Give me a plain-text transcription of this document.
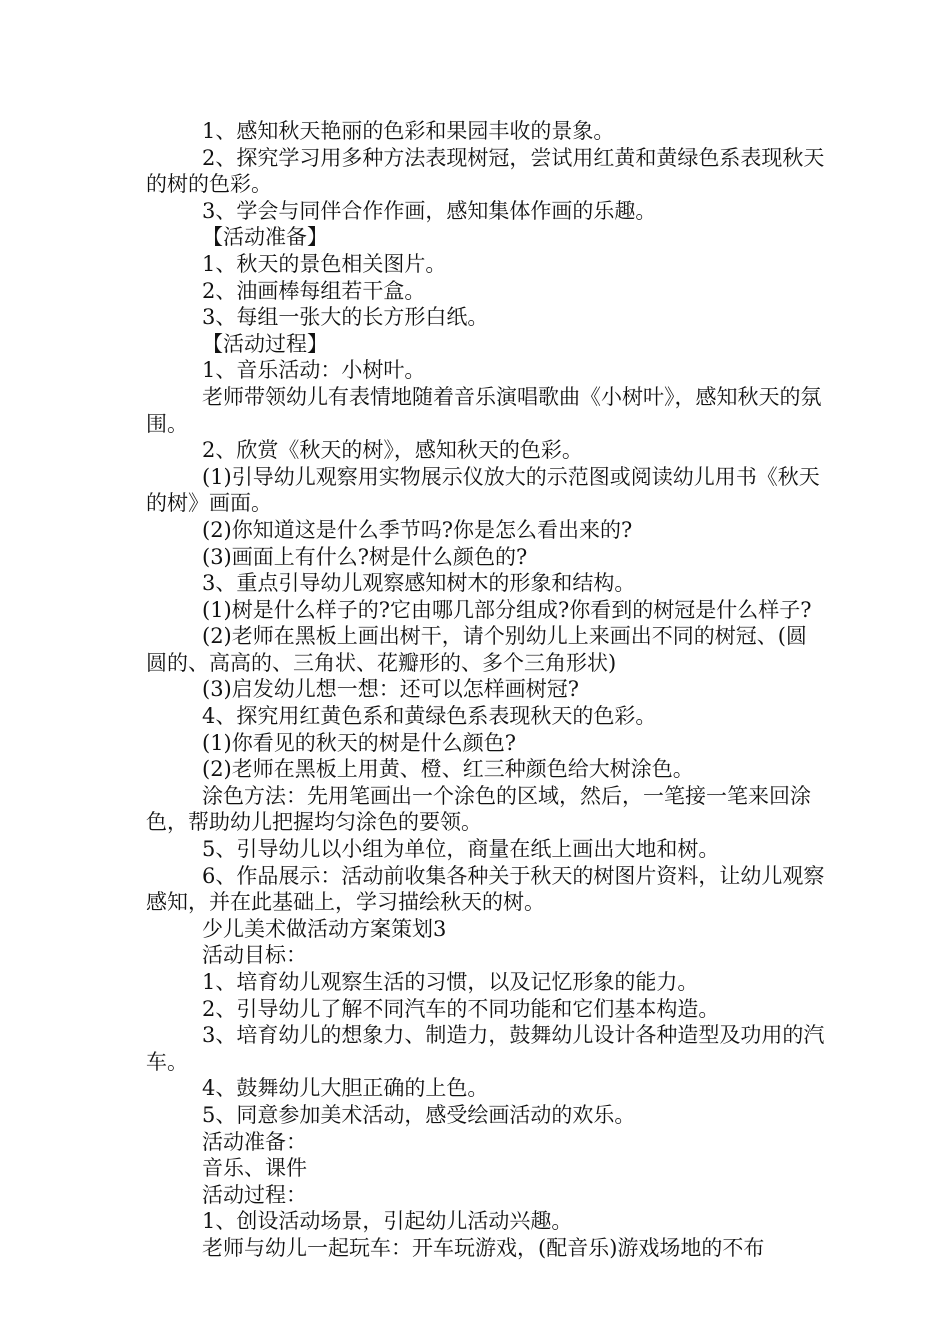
1、感知秋天艳丽的色彩和果园丰收的景象。

2、探究学习用多种方法表现树冠，尝试用红黄和黄绿色系表现秋天的树的色彩。

3、学会与同伴合作作画，感知集体作画的乐趣。

【活动准备】

1、秋天的景色相关图片。

2、油画棒每组若干盒。

3、每组一张大的长方形白纸。

【活动过程】

1、音乐活动：小树叶。

老师带领幼儿有表情地随着音乐演唱歌曲《小树叶》，感知秋天的氛围。

2、欣赏《秋天的树》，感知秋天的色彩。

(1)引导幼儿观察用实物展示仪放大的示范图或阅读幼儿用书《秋天的树》画面。

(2)你知道这是什么季节吗?你是怎么看出来的?

(3)画面上有什么?树是什么颜色的?

3、重点引导幼儿观察感知树木的形象和结构。

(1)树是什么样子的?它由哪几部分组成?你看到的树冠是什么样子?

(2)老师在黑板上画出树干，请个别幼儿上来画出不同的树冠、(圆圆的、高高的、三角状、花瓣形的、多个三角形状)

(3)启发幼儿想一想：还可以怎样画树冠?

4、探究用红黄色系和黄绿色系表现秋天的色彩。

(1)你看见的秋天的树是什么颜色?

(2)老师在黑板上用黄、橙、红三种颜色给大树涂色。

涂色方法：先用笔画出一个涂色的区域，然后，一笔接一笔来回涂色，帮助幼儿把握均匀涂色的要领。

5、引导幼儿以小组为单位，商量在纸上画出大地和树。

6、作品展示：活动前收集各种关于秋天的树图片资料，让幼儿观察感知，并在此基础上，学习描绘秋天的树。

少儿美术做活动方案策划3

活动目标：

1、培育幼儿观察生活的习惯，以及记忆形象的能力。

2、引导幼儿了解不同汽车的不同功能和它们基本构造。

3、培育幼儿的想象力、制造力，鼓舞幼儿设计各种造型及功用的汽车。

4、鼓舞幼儿大胆正确的上色。

5、同意参加美术活动，感受绘画活动的欢乐。

活动准备：

音乐、课件

活动过程：

1、创设活动场景，引起幼儿活动兴趣。

老师与幼儿一起玩车：开车玩游戏，(配音乐)游戏场地的不布
